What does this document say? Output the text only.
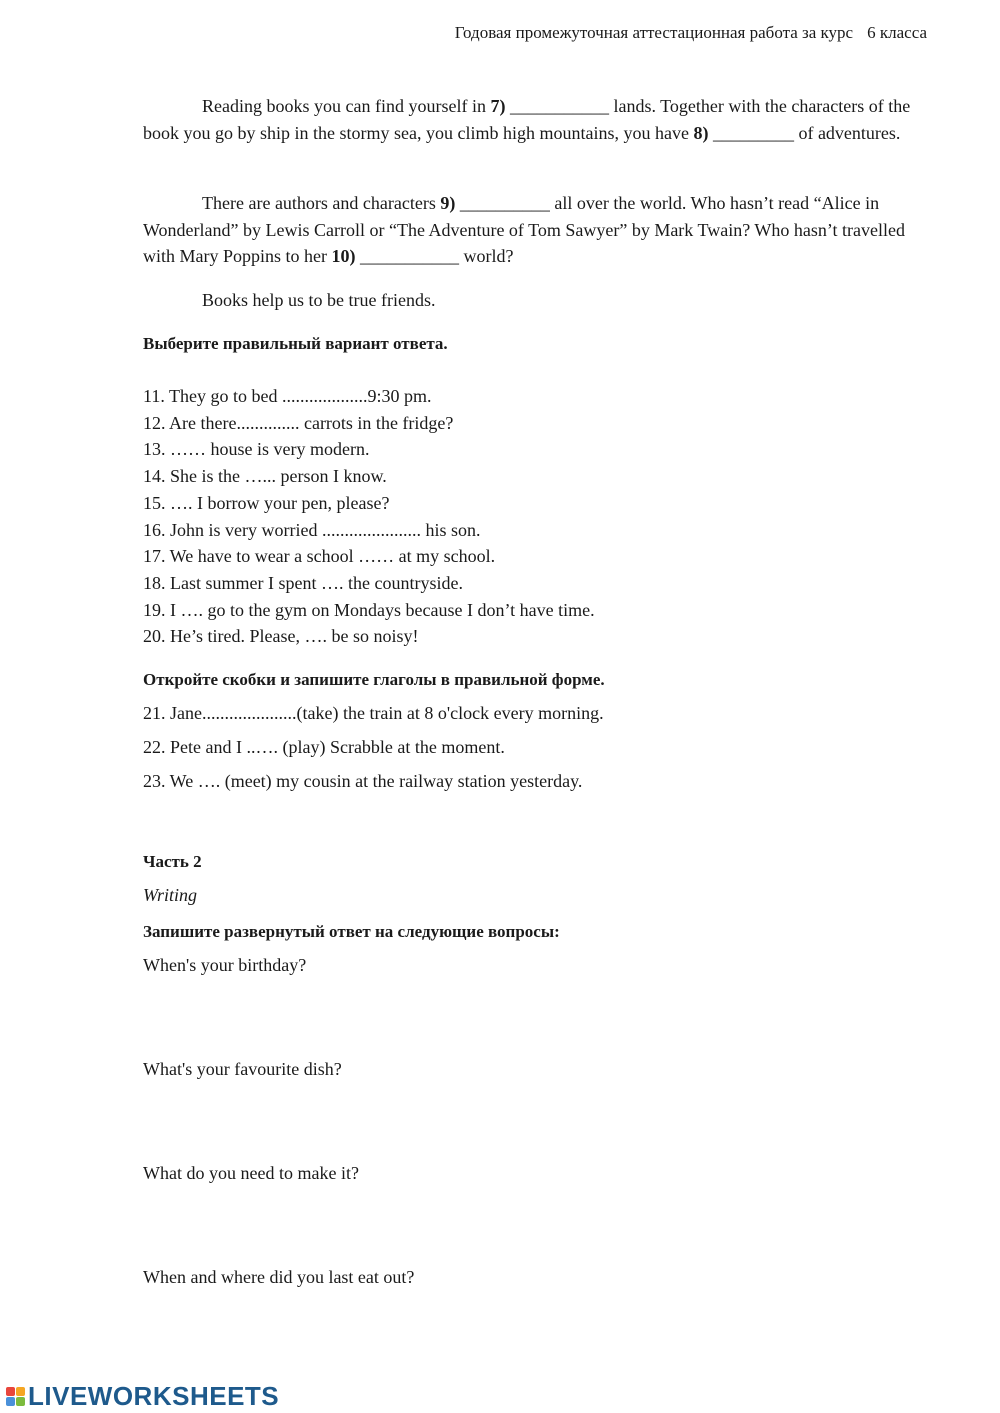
Годовая промежуточная аттестационная работа за курс 6 класса

Reading books you can find yourself in 7) ___________ lands. Together with the characters of the book you go by ship in the stormy sea, you climb high mountains, you have 8) _________ of adventures.

There are authors and characters 9) __________ all over the world. Who hasn’t read “Alice in Wonderland” by Lewis Carroll or “The Adventure of Tom Sawyer” by Mark Twain? Who hasn’t travelled with Mary Poppins to her 10) ___________ world?

Books help us to be true friends.

Выберите правильный вариант ответа.
11. They go to bed ...................9:30 pm.
12. Are there.............. carrots in the fridge?
13. …… house is very modern.
14. She is the …... person I know.
15. …. I borrow your pen, please?
16. John is very worried ...................... his son.
17. We have to wear a school …… at my school.
18. Last summer I spent …. the countryside.
19. I …. go to the gym on Mondays because I don’t have time.
20. He’s tired. Please, …. be so noisy!
Откройте скобки и запишите глаголы в правильной форме.
21. Jane.....................(take) the train at 8 o'clock every morning.
22. Pete and I ..…. (play) Scrabble at the moment.
23. We …. (meet) my cousin at the railway station yesterday.
Часть 2
Writing
Запишите развернутый ответ на следующие вопросы:
When's your birthday?
What's your favourite dish?
What do you need to make it?
When and where did you last eat out?
LIVEWORKSHEETS
